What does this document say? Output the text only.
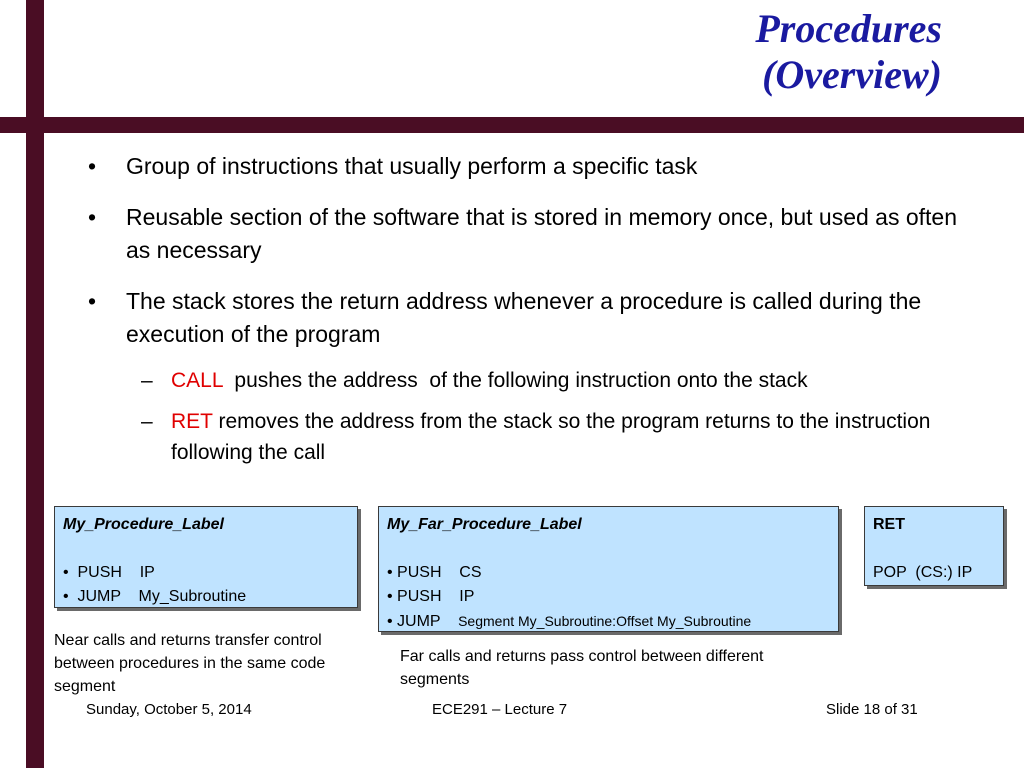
Procedures
(Overview)
• Group of instructions that usually perform a specific task
• Reusable section of the software that is stored in memory once, but used as often as necessary
• The stack stores the return address whenever a procedure is called during the execution of the program
– CALL  pushes the address  of the following instruction onto the stack
– RET removes the address from the stack so the program returns to the instruction following the call
My_Procedure_Label
•  PUSH    IP
•  JUMP    My_Subroutine
My_Far_Procedure_Label
• PUSH    CS
• PUSH    IP
• JUMP    Segment My_Subroutine:Offset My_Subroutine
RET
POP  (CS:) IP
Near calls and returns transfer control between procedures in the same code segment
Far calls and returns pass control between different segments
Sunday, October 5, 2014	ECE291 – Lecture 7	Slide 18 of 31
